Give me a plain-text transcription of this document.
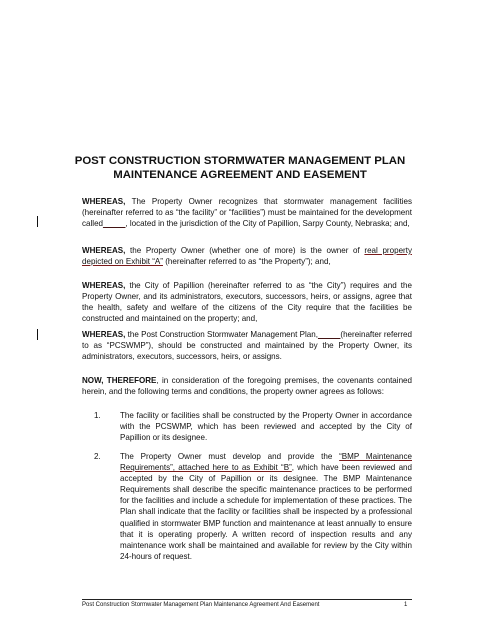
POST CONSTRUCTION STORMWATER MANAGEMENT PLAN
MAINTENANCE AGREEMENT AND EASEMENT
WHEREAS, The Property Owner recognizes that stormwater management facilities (hereinafter referred to as “the facility” or “facilities”) must be maintained for the development called_____, located in the jurisdiction of the City of Papillion, Sarpy County, Nebraska; and,
WHEREAS, the Property Owner (whether one of more) is the owner of real property depicted on Exhibit “A” (hereinafter referred to as “the Property”); and,
WHEREAS, the City of Papillion (hereinafter referred to as “the City”) requires and the Property Owner, and its administrators, executors, successors, heirs, or assigns, agree that the health, safety and welfare of the citizens of the City require that the facilities be constructed and maintained on the property; and,
WHEREAS, the Post Construction Stormwater Management Plan,_____(hereinafter referred to as “PCSWMP”), should be constructed and maintained by the Property Owner, its administrators, executors, successors, heirs, or assigns.
NOW, THEREFORE, in consideration of the foregoing premises, the covenants contained herein, and the following terms and conditions, the property owner agrees as follows:
1. The facility or facilities shall be constructed by the Property Owner in accordance with the PCSWMP, which has been reviewed and accepted by the City of Papillion or its designee.
2. The Property Owner must develop and provide the “BMP Maintenance Requirements”, attached here to as Exhibit “B”, which have been reviewed and accepted by the City of Papillion or its designee. The BMP Maintenance Requirements shall describe the specific maintenance practices to be performed for the facilities and include a schedule for implementation of these practices. The Plan shall indicate that the facility or facilities shall be inspected by a professional qualified in stormwater BMP function and maintenance at least annually to ensure that it is operating properly. A written record of inspection results and any maintenance work shall be maintained and available for review by the City within 24-hours of request.
Post Construction Stormwater Management Plan Maintenance Agreement And Easement	1
